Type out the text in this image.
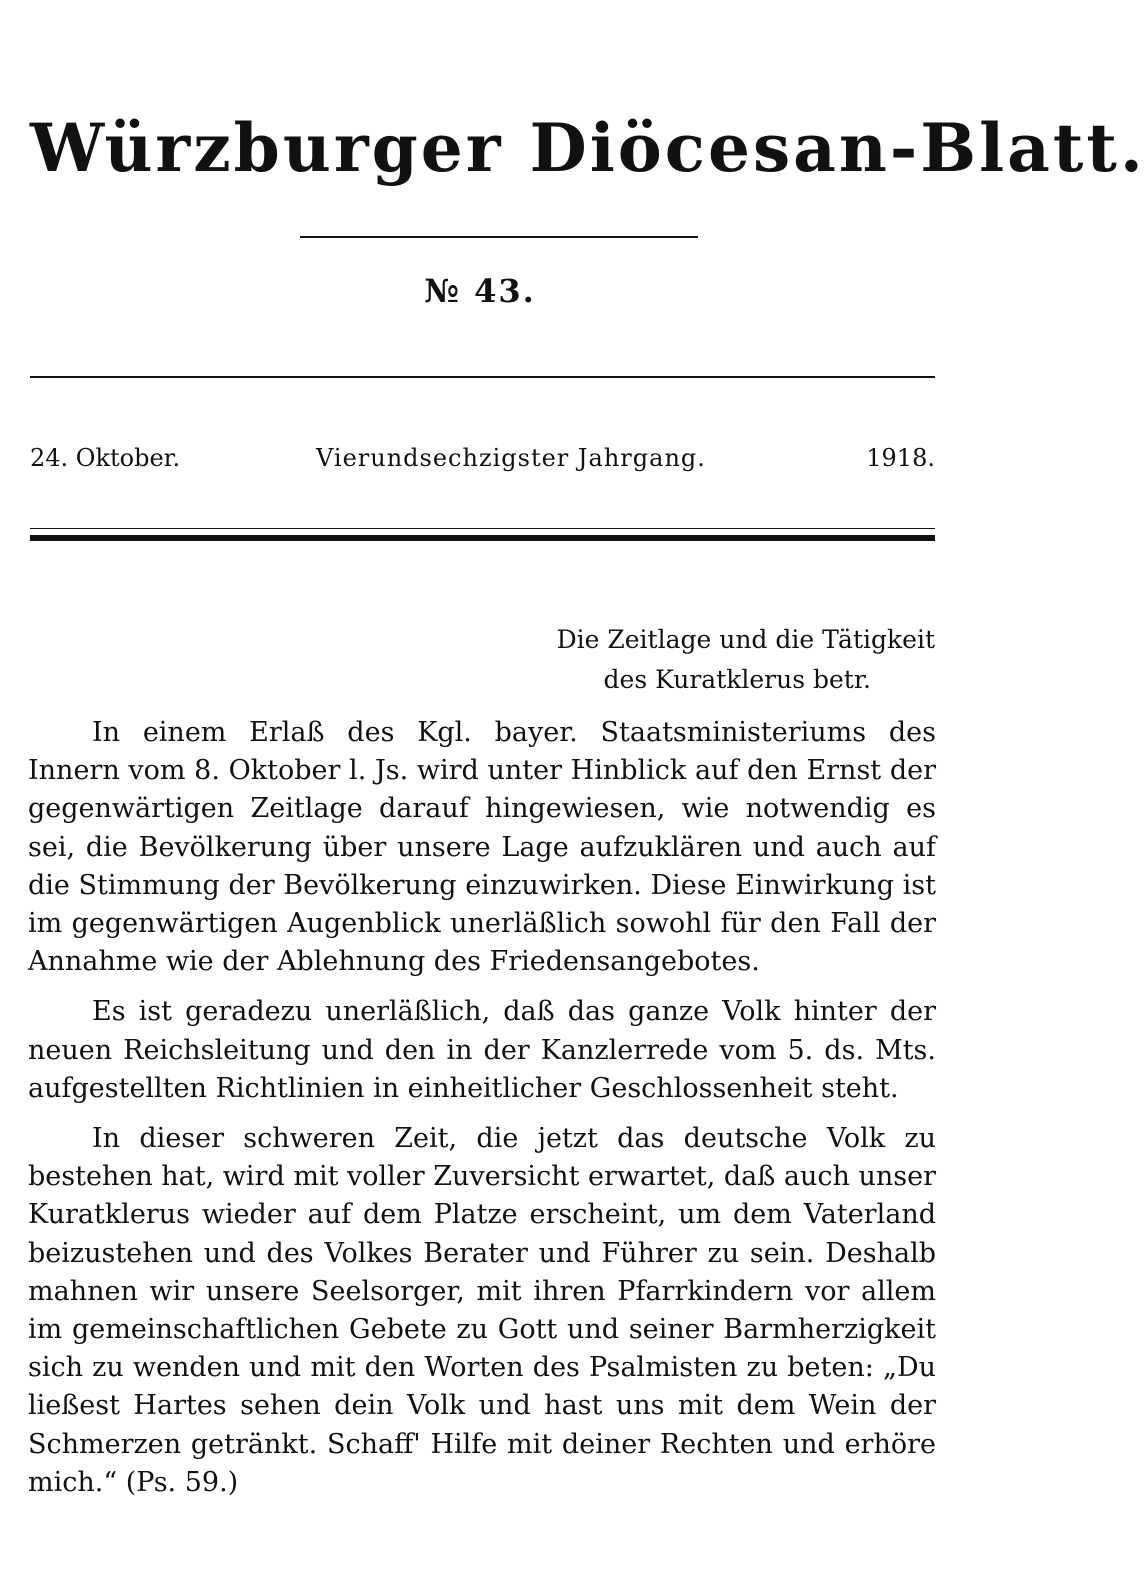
Würzburger Diöcesan-Blatt.
№ 43.
24. Oktober.	Vierundsechzigster Jahrgang.	1918.
Die Zeitlage und die Tätigkeit
des Kuratklerus betr.

In einem Erlaß des Kgl. bayer. Staatsministeriums des Innern vom 8. Oktober l. Js. wird unter Hinblick auf den Ernst der gegenwärtigen Zeitlage darauf hingewiesen, wie notwendig es sei, die Bevölkerung über unsere Lage aufzuklären und auch auf die Stimmung der Bevölkerung einzuwirken. Diese Einwirkung ist im gegenwärtigen Augenblick unerläßlich sowohl für den Fall der Annahme wie der Ablehnung des Friedensangebotes.

Es ist geradezu unerläßlich, daß das ganze Volk hinter der neuen Reichsleitung und den in der Kanzlerrede vom 5. ds. Mts. aufgestellten Richtlinien in einheitlicher Geschlossenheit steht.

In dieser schweren Zeit, die jetzt das deutsche Volk zu bestehen hat, wird mit voller Zuversicht erwartet, daß auch unser Kuratklerus wieder auf dem Platze erscheint, um dem Vaterland beizustehen und des Volkes Berater und Führer zu sein. Deshalb mahnen wir unsere Seelsorger, mit ihren Pfarrkindern vor allem im gemeinschaftlichen Gebete zu Gott und seiner Barmherzigkeit sich zu wenden und mit den Worten des Psalmisten zu beten: „Du ließest Hartes sehen dein Volk und hast uns mit dem Wein der Schmerzen getränkt. Schaff' Hilfe mit deiner Rechten und erhöre mich.“ (Ps. 59.)
